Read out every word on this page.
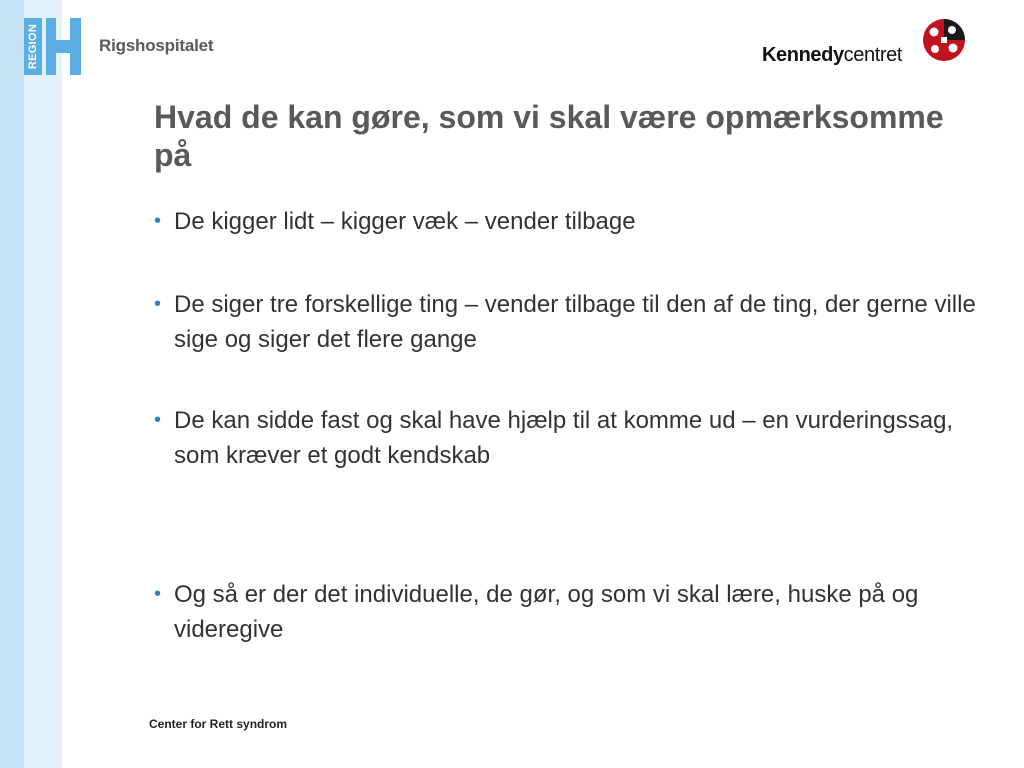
REGION	Rigshospitalet	Kennedycentret
Hvad de kan gøre, som vi skal være opmærksomme på
• De kigger lidt – kigger væk – vender tilbage
• De siger tre forskellige ting – vender tilbage til den af de ting, der gerne ville sige og siger det flere gange
• De kan sidde fast og skal have hjælp til at komme ud – en vurderingssag, som kræver et godt kendskab
• Og så er der det individuelle, de gør, og som vi skal lære, huske på og videregive
Center for Rett syndrom
